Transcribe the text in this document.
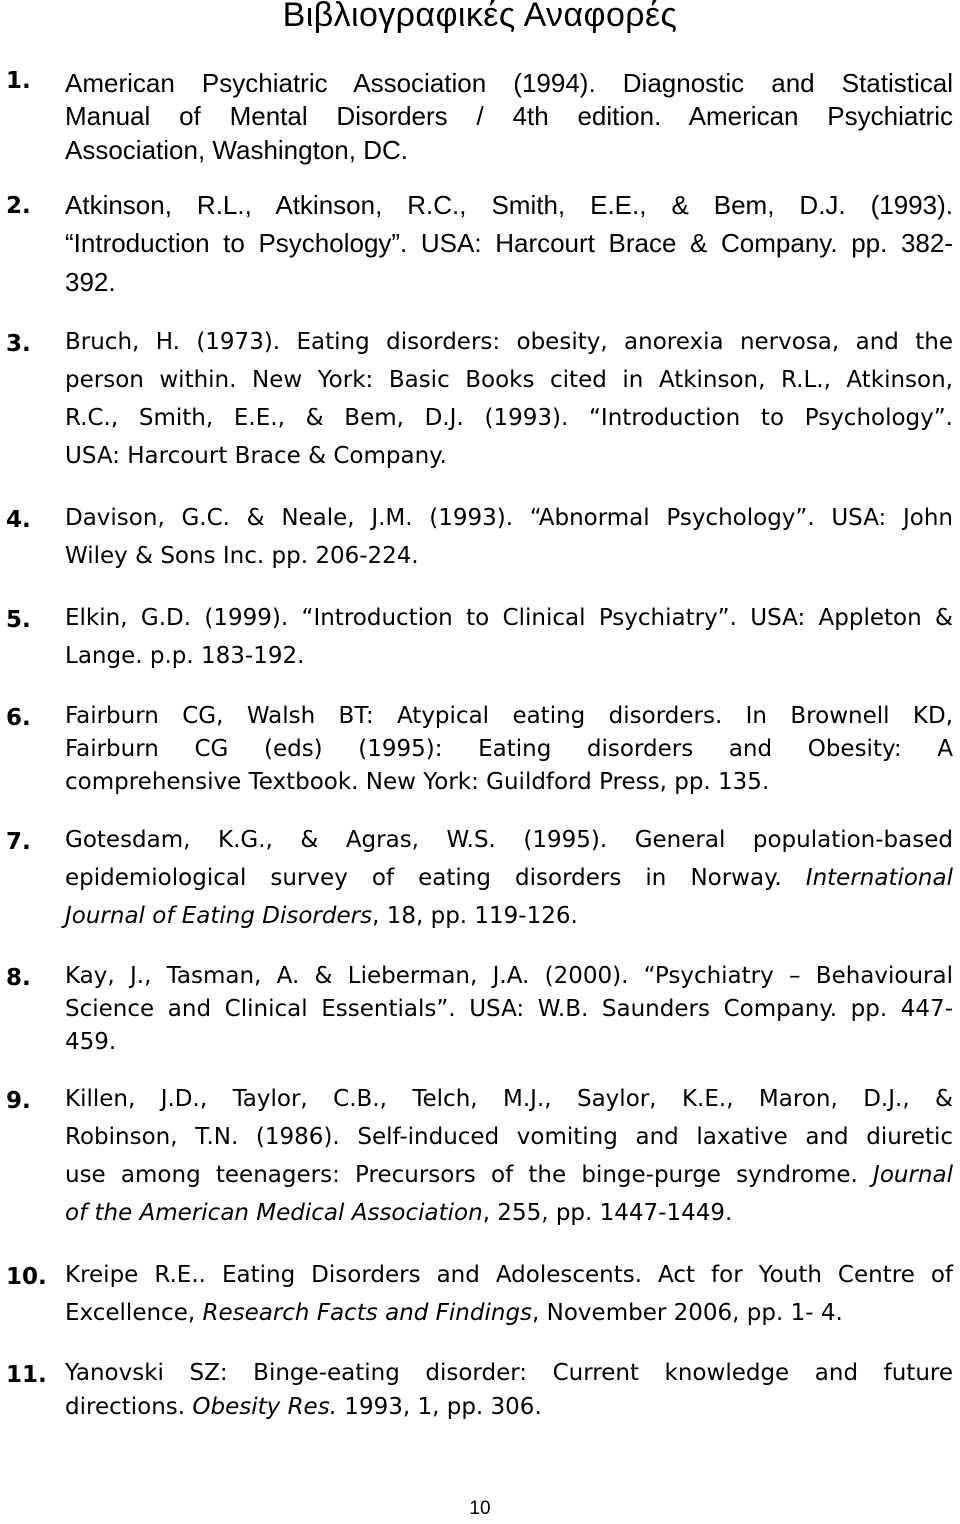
Βιβλιογραφικές Αναφορές
1. American Psychiatric Association (1994). Diagnostic and Statistical
Manual of Mental Disorders / 4th edition. American Psychiatric
Association, Washington, DC.
2. Atkinson, R.L., Atkinson, R.C., Smith, E.E., & Bem, D.J. (1993).
“Introduction to Psychology”. USA: Harcourt Brace & Company. pp. 382-
392.
3. Bruch, H. (1973). Eating disorders: obesity, anorexia nervosa, and the
person within. New York: Basic Books cited in Atkinson, R.L., Atkinson,
R.C., Smith, E.E., & Bem, D.J. (1993). “Introduction to Psychology”.
USA: Harcourt Brace & Company.
4. Davison, G.C. & Neale, J.M. (1993). “Abnormal Psychology”. USA: John
Wiley & Sons Inc. pp. 206-224.
5. Elkin, G.D. (1999). “Introduction to Clinical Psychiatry”. USA: Appleton &
Lange. p.p. 183-192.
6. Fairburn CG, Walsh BT: Atypical eating disorders. In Brownell KD,
Fairburn CG (eds) (1995): Eating disorders and Obesity: A
comprehensive Textbook. New York: Guildford Press, pp. 135.
7. Gotesdam, K.G., & Agras, W.S. (1995). General population-based
epidemiological survey of eating disorders in Norway. International
Journal of Eating Disorders, 18, pp. 119-126.
8. Kay, J., Tasman, A. & Lieberman, J.A. (2000). “Psychiatry – Behavioural
Science and Clinical Essentials”. USA: W.B. Saunders Company. pp. 447-
459.
9. Killen, J.D., Taylor, C.B., Telch, M.J., Saylor, K.E., Maron, D.J., &
Robinson, T.N. (1986). Self-induced vomiting and laxative and diuretic
use among teenagers: Precursors of the binge-purge syndrome. Journal
of the American Medical Association, 255, pp. 1447-1449.
10. Kreipe R.E.. Eating Disorders and Adolescents. Act for Youth Centre of
Excellence, Research Facts and Findings, November 2006, pp. 1- 4.
11. Yanovski SZ: Binge-eating disorder: Current knowledge and future
directions. Obesity Res. 1993, 1, pp. 306.
10
